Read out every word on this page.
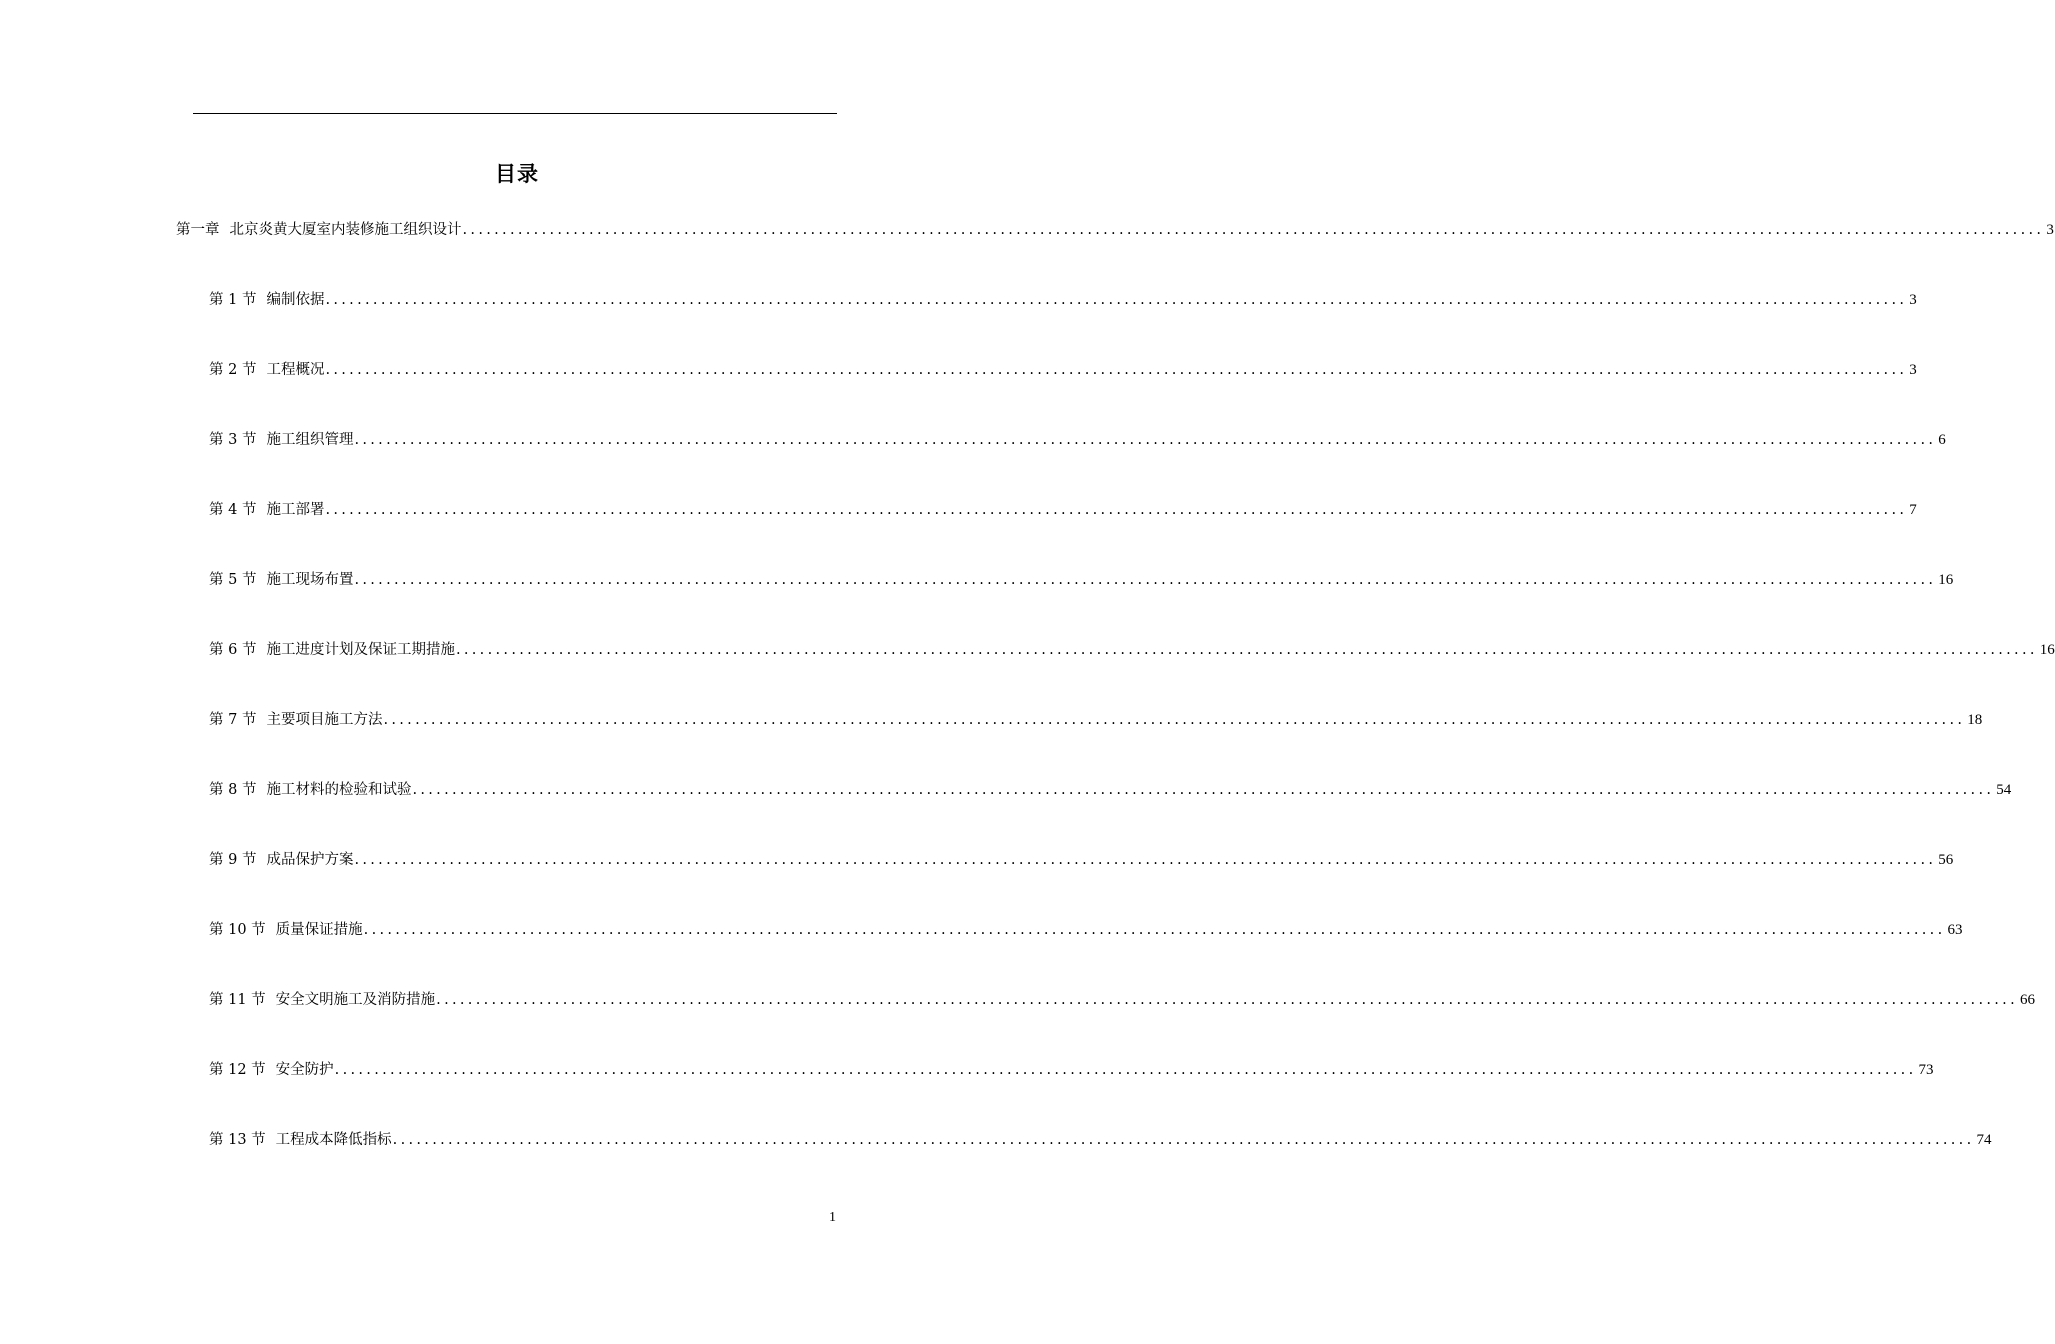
目录
第一章 北京炎黄大厦室内装修施工组织设计 ........................................................................................................................................................................................................ 3
第 1 节 编制依据 ........................................................................................................................................................................................................ 3
第 2 节 工程概况 ........................................................................................................................................................................................................ 3
第 3 节 施工组织管理 ........................................................................................................................................................................................................ 6
第 4 节 施工部署 ........................................................................................................................................................................................................ 7
第 5 节 施工现场布置 ........................................................................................................................................................................................................ 16
第 6 节 施工进度计划及保证工期措施 ........................................................................................................................................................................................................ 16
第 7 节 主要项目施工方法 ........................................................................................................................................................................................................ 18
第 8 节 施工材料的检验和试验 ........................................................................................................................................................................................................ 54
第 9 节 成品保护方案 ........................................................................................................................................................................................................ 56
第 10 节 质量保证措施 ........................................................................................................................................................................................................ 63
第 11 节 安全文明施工及消防措施 ........................................................................................................................................................................................................ 66
第 12 节 安全防护 ........................................................................................................................................................................................................ 73
第 13 节 工程成本降低指标 ........................................................................................................................................................................................................ 74
1
